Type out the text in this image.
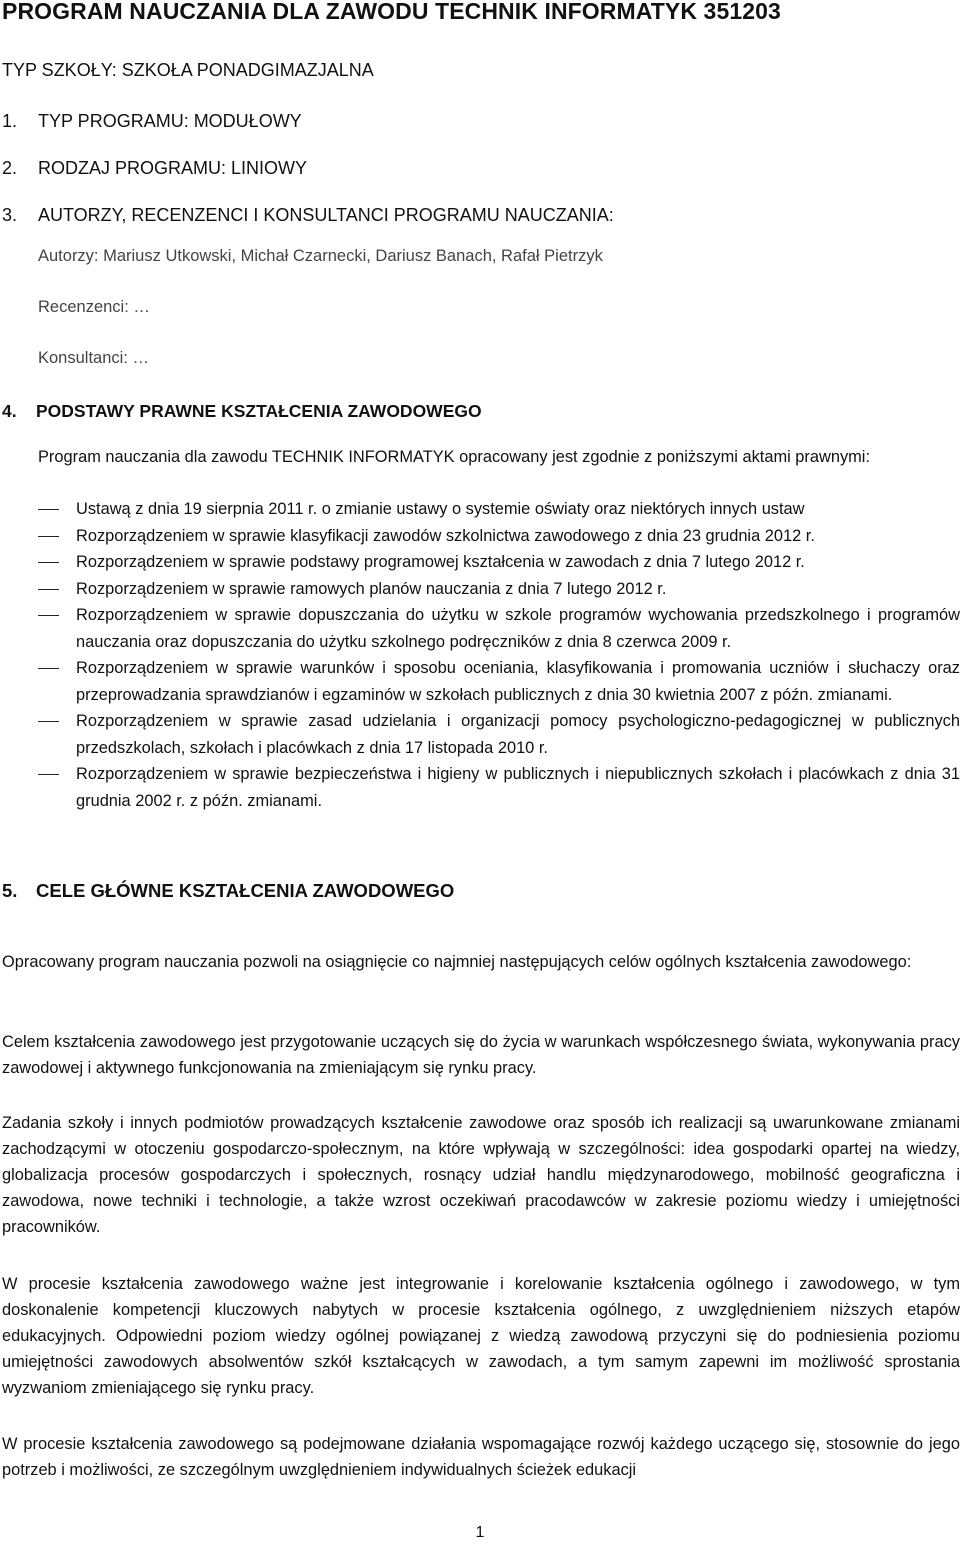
PROGRAM NAUCZANIA DLA ZAWODU TECHNIK INFORMATYK 351203
TYP SZKOŁY: SZKOŁA PONADGIMAZJALNA
1. TYP PROGRAMU: MODUŁOWY
2. RODZAJ PROGRAMU: LINIOWY
3. AUTORZY, RECENZENCI I KONSULTANCI PROGRAMU NAUCZANIA:
Autorzy: Mariusz Utkowski, Michał Czarnecki, Dariusz Banach, Rafał Pietrzyk
Recenzenci: …
Konsultanci: …
4. PODSTAWY PRAWNE KSZTAŁCENIA ZAWODOWEGO
Program nauczania dla zawodu TECHNIK INFORMATYK opracowany jest zgodnie z poniższymi aktami prawnymi:
Ustawą z dnia 19 sierpnia 2011 r. o zmianie ustawy o systemie oświaty oraz niektórych innych ustaw
Rozporządzeniem w sprawie klasyfikacji zawodów szkolnictwa zawodowego z dnia 23 grudnia 2012 r.
Rozporządzeniem w sprawie podstawy programowej kształcenia w zawodach z dnia 7 lutego 2012 r.
Rozporządzeniem w sprawie ramowych planów nauczania z dnia 7 lutego 2012 r.
Rozporządzeniem w sprawie dopuszczania do użytku w szkole programów wychowania przedszkolnego i programów nauczania oraz dopuszczania do użytku szkolnego podręczników z dnia 8 czerwca 2009 r.
Rozporządzeniem w sprawie warunków i sposobu oceniania, klasyfikowania i promowania uczniów i słuchaczy oraz przeprowadzania sprawdzianów i egzaminów w szkołach publicznych z dnia 30 kwietnia 2007 z późn. zmianami.
Rozporządzeniem w sprawie zasad udzielania i organizacji pomocy psychologiczno-pedagogicznej w publicznych przedszkolach, szkołach i placówkach z dnia 17 listopada 2010 r.
Rozporządzeniem w sprawie bezpieczeństwa i higieny w publicznych i niepublicznych szkołach i placówkach z dnia 31 grudnia 2002 r. z późn. zmianami.
5. CELE GŁÓWNE KSZTAŁCENIA ZAWODOWEGO
Opracowany program nauczania pozwoli na osiągnięcie co najmniej następujących celów ogólnych kształcenia zawodowego:
Celem kształcenia zawodowego jest przygotowanie uczących się do życia w warunkach współczesnego świata, wykonywania pracy zawodowej i aktywnego funkcjonowania na zmieniającym się rynku pracy.
Zadania szkoły i innych podmiotów prowadzących kształcenie zawodowe oraz sposób ich realizacji są uwarunkowane zmianami zachodzącymi w otoczeniu gospodarczo-społecznym, na które wpływają w szczególności: idea gospodarki opartej na wiedzy, globalizacja procesów gospodarczych i społecznych, rosnący udział handlu międzynarodowego, mobilność geograficzna i zawodowa, nowe techniki i technologie, a także wzrost oczekiwań pracodawców w zakresie poziomu wiedzy i umiejętności pracowników.
W procesie kształcenia zawodowego ważne jest integrowanie i korelowanie kształcenia ogólnego i zawodowego, w tym doskonalenie kompetencji kluczowych nabytych w procesie kształcenia ogólnego, z uwzględnieniem niższych etapów edukacyjnych. Odpowiedni poziom wiedzy ogólnej powiązanej z wiedzą zawodową przyczyni się do podniesienia poziomu umiejętności zawodowych absolwentów szkół kształcących w zawodach, a tym samym zapewni im możliwość sprostania wyzwaniom zmieniającego się rynku pracy.
W procesie kształcenia zawodowego są podejmowane działania wspomagające rozwój każdego uczącego się, stosownie do jego potrzeb i możliwości, ze szczególnym uwzględnieniem indywidualnych ścieżek edukacji
1
